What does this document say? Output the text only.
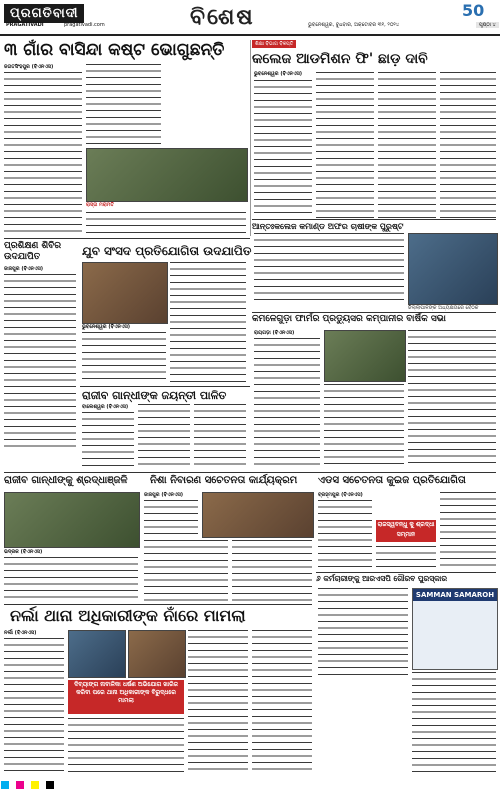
ପ୍ରଗତିବାଦୀ
PRAGATIVADI	pragativadi.com	ବିଶେଷ	ଭୁବନେଶ୍ୱର, ବୁଧବାର, ଅକ୍ଟୋବର ୩୧, ୨୦୨୪
50
ପୃଷ୍ଠା ୪
୩ ଗାଁର ବାସିନ୍ଦା କଷ୍ଟ ଭୋଗୁଛନ୍ତି
ଜଗତସିଂହପୁର (ବିଏନଏସ)
ରାସ୍ତା ମରାମତି
ଶିକ୍ଷା ବିଭାଗ ବିଜ୍ଞପ୍ତି
କଲେଜ ଆଡମିଶନ ଫି' ଛାଡ଼ ଦାବି
ଭୁବନେଶ୍ୱର (ବିଏନଏସ)
ଆନ୍ତଃକଲେଜ କମାଣ୍ଡ ଅଫର ଚାଷୀଙ୍କ ପୁରୁଷ୍ଟ
ଜିଲ୍ଲାପାଳଙ୍କ ଅଧ୍ୟକ୍ଷତାରେ ବୈଠକ
ପ୍ରଶିକ୍ଷଣ ଶିବିର ଉଦଯାପିତ
ଜାଜପୁର (ବିଏନଏସ)
ଯୁବ ସଂସଦ ପ୍ରତିଯୋଗିତା ଉଦଯାପିତ
ଭୁବନେଶ୍ୱର (ବିଏନଏସ)
କମଳେଗୁଡ଼ା ଫାର୍ମର ପ୍ରଡ୍ୟୁସର କମ୍ପାନୀର ବାର୍ଷିକ ସଭା
ରାୟଗଡ଼ା (ବିଏନଏସ)
ରାଜୀବ ଗାନ୍ଧୀଙ୍କ ଜୟନ୍ତୀ ପାଳିତ
ବାଲେଶ୍ୱର (ବିଏନଏସ)
ରାଜୀବ ଗାନ୍ଧୀଙ୍କୁ ଶ୍ରଦ୍ଧାଞ୍ଜଳି ନିଶା ନିବାରଣ ସଚେତନତା କାର୍ଯ୍ୟକ୍ରମ ଏଡସ ସଚେତନତା କୁଇଜ ପ୍ରତିଯୋଗିତା
ଭଦ୍ରକ (ବିଏନଏସ)
ଜାଜପୁର (ବିଏନଏସ)	ବ୍ରହ୍ମପୁର (ବିଏନଏସ)
ରାଜସ୍ୱବନ୍ଧୁ କୁ ଶ୍ରଦ୍ଧା ସମ୍ମାନ
୬ କର୍ମଚାରୀଙ୍କୁ ଆରଏସପି ଗୌରବ ପୁରସ୍କାର
SAMMAN SAMAROH
ନର୍ଲା ଥାନା ଅଧିକାରୀଙ୍କ ନାଁରେ ମାମଲା
ନର୍ଲା (ବିଏନଏସ)
ଦିବ୍ୟାଙ୍ଗ ନାବାଳିକା ଧର୍ଷଣ ଅଭିଯୋଗ ଖାରିଜ କରିବା ପରେ ଥାନା ଅଧିକାରୀଙ୍କ ବିରୁଦ୍ଧରେ ମାମଲା
